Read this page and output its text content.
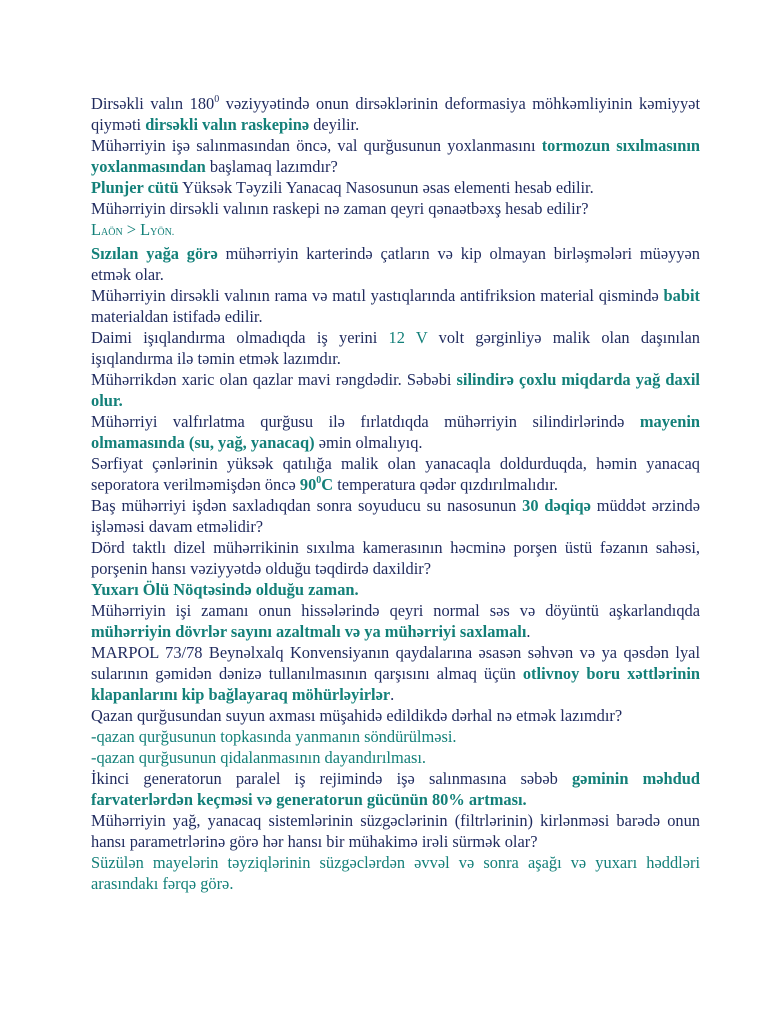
Dirsəkli valın $180^0$ vəziyyətində onun dirsəklərinin deformasiya möhkəmliyinin kəmiyyət qiyməti dirsəkli valın raskepinə deyilir.

Mühərriyin işə salınmasından öncə, val qurğusunun yoxlanmasını tormozun sıxılmasının yoxlanmasından başlamaq lazımdır?

Plunjer cütü Yüksək Təyzili Yanacaq Nasosunun əsas elementi hesab edilir.

Mühərriyin dirsəkli valının raskepi nə zaman qeyri qənaətbəxş hesab edilir?

LAÖN > LYÖN.

Sızılan yağa görə mühərriyin karterində çatların və kip olmayan birləşmələri müəyyən etmək olar.

Mühərriyin dirsəkli valının rama və matıl yastıqlarında antifriksion material qismində babit materialdan istifadə edilir.

Daimi işıqlandırma olmadıqda iş yerini 12 V volt gərginliyə malik olan daşınılan işıqlandırma ilə təmin etmək lazımdır.

Mühərrikdən xaric olan qazlar mavi rəngdədir. Səbəbi silindirə çoxlu miqdarda yağ daxil olur.

Mühərriyi valfırlatma qurğusu ilə fırlatdıqda mühərriyin silindirlərində mayenin olmamasında (su, yağ, yanacaq) əmin olmalıyıq.

Sərfiyat çənlərinin yüksək qatılığa malik olan yanacaqla doldurduqda, həmin yanacaq seporatora verilməmişdən öncə $90^0C$ temperatura qədər qızdırılmalıdır.

Baş mühərriyi işdən saxladıqdan sonra soyuducu su nasosunun 30 dəqiqə müddət ərzində işləməsi davam etməlidir?

Dörd taktlı dizel mühərrikinin sıxılma kamerasının həcminə porşen üstü fəzanın sahəsi, porşenin hansı vəziyyətdə olduğu təqdirdə daxildir?

Yuxarı Ölü Nöqtəsində olduğu zaman.

Mühərriyin işi zamanı onun hissələrində qeyri normal səs və döyüntü aşkarlandıqda mühərriyin dövrlər sayını azaltmalı və ya mühərriyi saxlamalı.

MARPOL 73/78 Beynəlxalq Konvensiyanın qaydalarına əsasən səhvən və ya qəsdən lyal sularının gəmidən dənizə tullanılmasının qarşısını almaq üçün otlivnoy boru xəttlərinin klapanlarını kip bağlayaraq möhürləyirlər.

Qazan qurğusundan suyun axması müşahidə edildikdə dərhal nə etmək lazımdır?

-qazan qurğusunun topkasında yanmanın söndürülməsi.

-qazan qurğusunun qidalanmasının dayandırılması.

İkinci generatorun paralel iş rejimində işə salınmasına səbəb gəminin məhdud farvaterlərdən keçməsi və generatorun gücünün 80% artması.

Mühərriyin yağ, yanacaq sistemlərinin süzgəclərinin (filtrlərinin) kirlənməsi barədə onun hansı parametrlərinə görə hər hansı bir mühakimə irəli sürmək olar?

Süzülən mayelərin təyziqlərinin süzgəclərdən əvvəl və sonra aşağı və yuxarı həddləri arasındakı fərqə görə.
